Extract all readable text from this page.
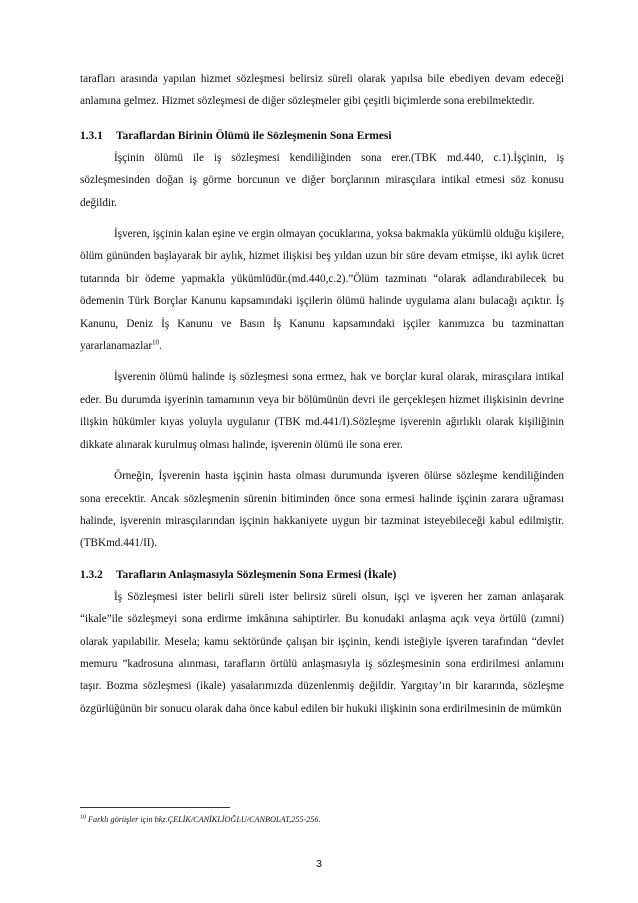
tarafları arasında yapılan hizmet sözleşmesi belirsiz süreli olarak yapılsa bile ebediyen devam edeceği anlamına gelmez. Hizmet sözleşmesi de diğer sözleşmeler gibi çeşitli biçimlerde sona erebilmektedir.

1.3.1	Taraflardan Birinin Ölümü ile Sözleşmenin Sona Ermesi

İşçinin ölümü ile iş sözleşmesi kendiliğinden sona erer.(TBK md.440, c.1).İşçinin, iş sözleşmesinden doğan iş görme borcunun ve diğer borçlarının mirasçılara intikal etmesi söz konusu değildir.

İşveren, işçinin kalan eşine ve ergin olmayan çocuklarına, yoksa bakmakla yükümlü olduğu kişilere, ölüm gününden başlayarak bir aylık, hizmet ilişkisi beş yıldan uzun bir süre devam etmişse, iki aylık ücret tutarında bir ödeme yapmakla yükümlüdür.(md.440,c.2).”Ölüm tazminatı “olarak adlandırabilecek bu ödemenin Türk Borçlar Kanunu kapsamındaki işçilerin ölümü halinde uygulama alanı bulacağı açıktır. İş Kanunu, Deniz İş Kanunu ve Basın İş Kanunu kapsamındaki işçiler kanımızca bu tazminattan yararlanamazlar$^{10}$.

İşverenin ölümü halinde iş sözleşmesi sona ermez, hak ve borçlar kural olarak, mirasçılara intikal eder. Bu durumda işyerinin tamamının veya bir bölümünün devri ile gerçekleşen hizmet ilişkisinin devrine ilişkin hükümler kıyas yoluyla uygulanır (TBK md.441/I).Sözleşme işverenin ağırlıklı olarak kişiliğinin dikkate alınarak kurulmuş olması halinde, işverenin ölümü ile sona erer.

Örneğin, İşverenin hasta işçinin hasta olması durumunda işveren ölürse sözleşme kendiliğinden sona erecektir. Ancak sözleşmenin sürenin bitiminden önce sona ermesi halinde işçinin zarara uğraması halinde, işverenin mirasçılarından işçinin hakkaniyete uygun bir tazminat isteyebileceği kabul edilmiştir.(TBKmd.441/II).

1.3.2	Tarafların Anlaşmasıyla Sözleşmenin Sona Ermesi (İkale)

İş Sözleşmesi ister belirli süreli ister belirsiz süreli olsun, işçi ve işveren her zaman anlaşarak “ikale”ile sözleşmeyi sona erdirme imkânına sahiptirler. Bu konudaki anlaşma açık veya örtülü (zımni) olarak yapılabilir. Mesela; kamu sektöründe çalışan bir işçinin, kendi isteğiyle işveren tarafından “devlet memuru ”kadrosuna alınması, tarafların örtülü anlaşmasıyla iş sözleşmesinin sona erdirilmesi anlamını taşır. Bozma sözleşmesi (ikale) yasalarımızda düzenlenmiş değildir. Yargıtay’ın bir kararında, sözleşme özgürlüğünün bir sonucu olarak daha önce kabul edilen bir hukuki ilişkinin sona erdirilmesinin de mümkün

$^{10}$ Farklı görüşler için bkz.ÇELİK/CANİKLİOĞLU/CANBOLAT,255-256.
3
